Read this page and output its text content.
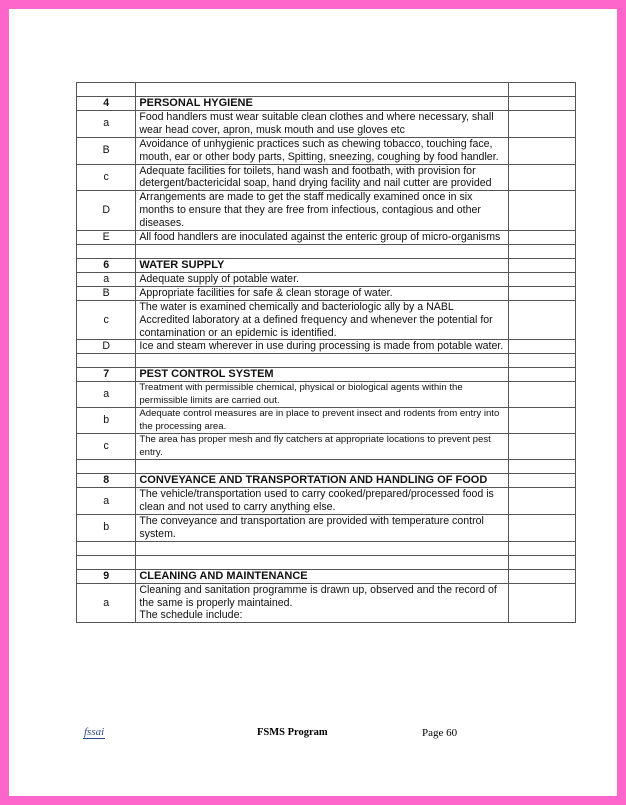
4	PERSONAL HYGIENE	
a	Food handlers must wear suitable clean clothes and where necessary, shall wear head cover, apron, musk mouth and use gloves etc	
B	Avoidance of unhygienic practices such as chewing tobacco, touching face, mouth, ear or other body parts, Spitting, sneezing, coughing by food handler.	
c	Adequate facilities for toilets, hand wash and footbath, with provision for detergent/bactericidal soap, hand drying facility and nail cutter are provided	
D	Arrangements are made to get the staff medically examined once in six months to ensure that they are free from infectious, contagious and other diseases.	
E	All food handlers are inoculated against the enteric group of micro-organisms	

6	WATER SUPPLY	
a	Adequate supply of potable water.	
B	Appropriate facilities for safe & clean storage of water.	
c	The water is examined chemically and bacteriologic ally by a NABL Accredited laboratory at a defined frequency and whenever the potential for contamination or an epidemic is identified.	
D	Ice and steam wherever in use during processing is made from potable water.	

7	PEST CONTROL SYSTEM	
a	Treatment with permissible chemical, physical or biological agents within the permissible limits are carried out.	
b	Adequate control measures are in place to prevent insect and rodents from entry into the processing area.	
c	The area has proper mesh and fly catchers at appropriate locations to prevent pest entry.	

8	CONVEYANCE AND TRANSPORTATION AND HANDLING OF FOOD	
a	The vehicle/transportation used to carry cooked/prepared/processed food is clean and not used to carry anything else.	
b	The conveyance and transportation are provided with temperature control system.	

9	CLEANING AND MAINTENANCE	
a	Cleaning and sanitation programme is drawn up, observed and the record of the same is properly maintained.
The schedule include:	

fssai	FSMS Program	Page 60
